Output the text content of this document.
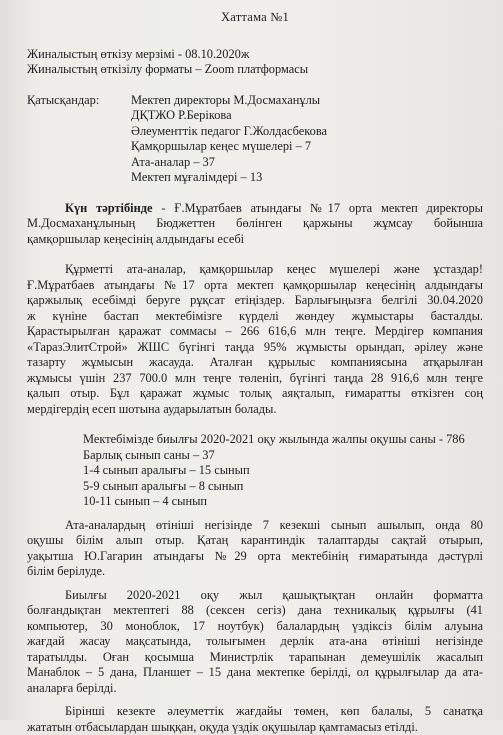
Хаттама №1
Жиналыстың өткізу мерзімі - 08.10.2020ж
Жиналыстың өткізілу форматы – Zoom платформасы
Қатысқандар:	Мектеп директоры М.Досмаханұлы
ДҚТЖО Р.Берікова
Әлеументтік педагог Г.Жолдасбекова
Қамқоршылар кеңес мүшелері – 7
Ата-аналар – 37
Мектеп мұғалімдері – 13
Күн тәртібінде - Ғ.Мұратбаев атындағы №17 орта мектеп директоры
М.Досмаханұлының Бюджеттен бөлінген қаржыны жұмсау бойынша
қамқоршылар кеңесінің алдындағы есебі
Құрметті ата-аналар, қамқоршылар кеңес мүшелері және ұстаздар!
Ғ.Мұратбаев атындағы №17 орта мектеп қамқоршылар кеңесінің алдындағы
қаржылық есебімді беруге рұқсат етіңіздер. Барлығыңызға белгілі 30.04.2020
ж күніне бастап мектебімізге күрделі жөндеу жұмыстары басталды.
Қарастырылған қаражат соммасы – 266 616,6 млн теңге. Мердігер компания
«ТаразЭлитСтрой» ЖШС бүгінгі таңда 95% жұмысты орындап, әрілеу және
тазарту жұмысын жасауда. Аталған құрылыс компаниясына атқарылған
жұмысы үшін 237 700.0 млн теңге төленіп, бүгінгі таңда 28 916,6 млн теңге
қалып отыр. Бұл қаражат жұмыс толық аяқталып, ғимаратты өткізген соң
мердігердің есеп шотына аударылатын болады.
Мектебімізде биылғы 2020-2021 оқу жылында жалпы оқушы саны - 786
Барлық сынып саны – 37
1-4 сынып аралығы – 15 сынып
5-9 сынып аралығы – 8 сынып
10-11 сынып – 4 сынып
Ата-аналардың өтініші негізінде 7 кезекші сынып ашылып, онда 80
оқушы білім алып отыр. Қатаң карантиндік талаптарды сақтай отырып,
уақытша Ю.Гагарин атындағы №29 орта мектебінің ғимаратында дәстүрлі
білім берілуде.
Биылғы 2020-2021 оқу жыл қашықтықтан онлайн форматта
болғандықтан мектептегі 88 (сексен сегіз) дана техникалық құрылғы (41
компьютер, 30 моноблок, 17 ноутбук) балалардың үздіксіз білім алуына
жағдай жасау мақсатында, толығымен дерлік ата-ана өтініші негізінде
таратылды. Оған қосымша Министрлік тарапынан демеушілік жасалып
Манаблок – 5 дана, Планшет – 15 дана мектепке берілді, ол құрылғылар да ата-
аналарға берілді.
Бірінші кезекте әлеуметтік жағдайы төмен, көп балалы, 5 санатқа
жататын отбасылардан шыққан, оқуда үздік оқушылар қамтамасыз етілді.
